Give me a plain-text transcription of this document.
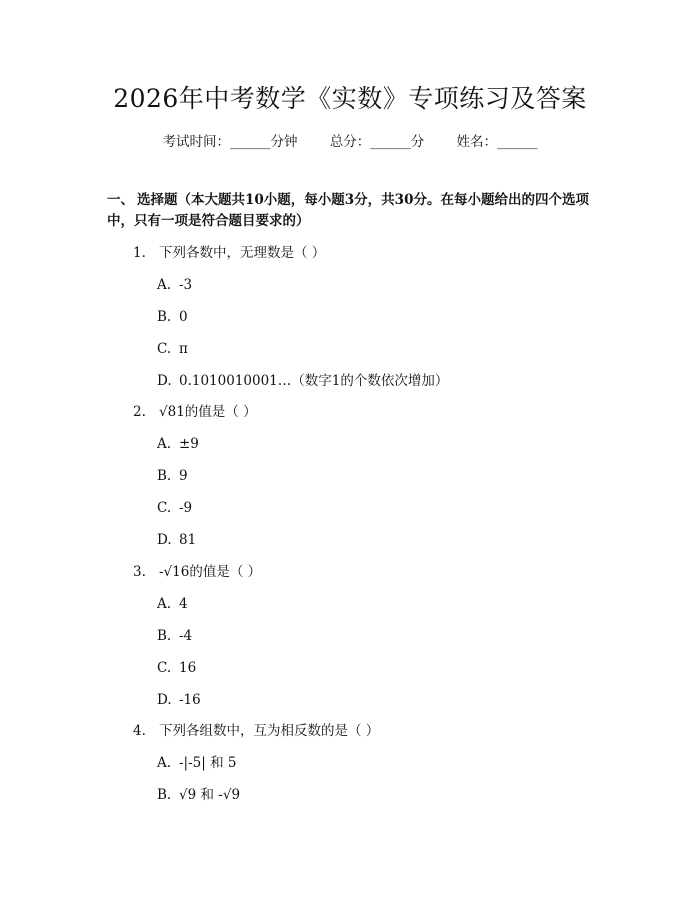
2026年中考数学《实数》专项练习及答案
考试时间：______分钟 总分：______分 姓名：______
一、 选择题（本大题共10小题，每小题3分，共30分。在每小题给出的四个选项中，只有一项是符合题目要求的）
1. 下列各数中，无理数是（ ）
A. -3
B. 0
C. π
D. 0.1010010001…（数字1的个数依次增加）
2. √81的值是（ ）
A. ±9
B. 9
C. -9
D. 81
3. -√16的值是（ ）
A. 4
B. -4
C. 16
D. -16
4. 下列各组数中，互为相反数的是（ ）
A. -|-5| 和 5
B. √9 和 -√9
